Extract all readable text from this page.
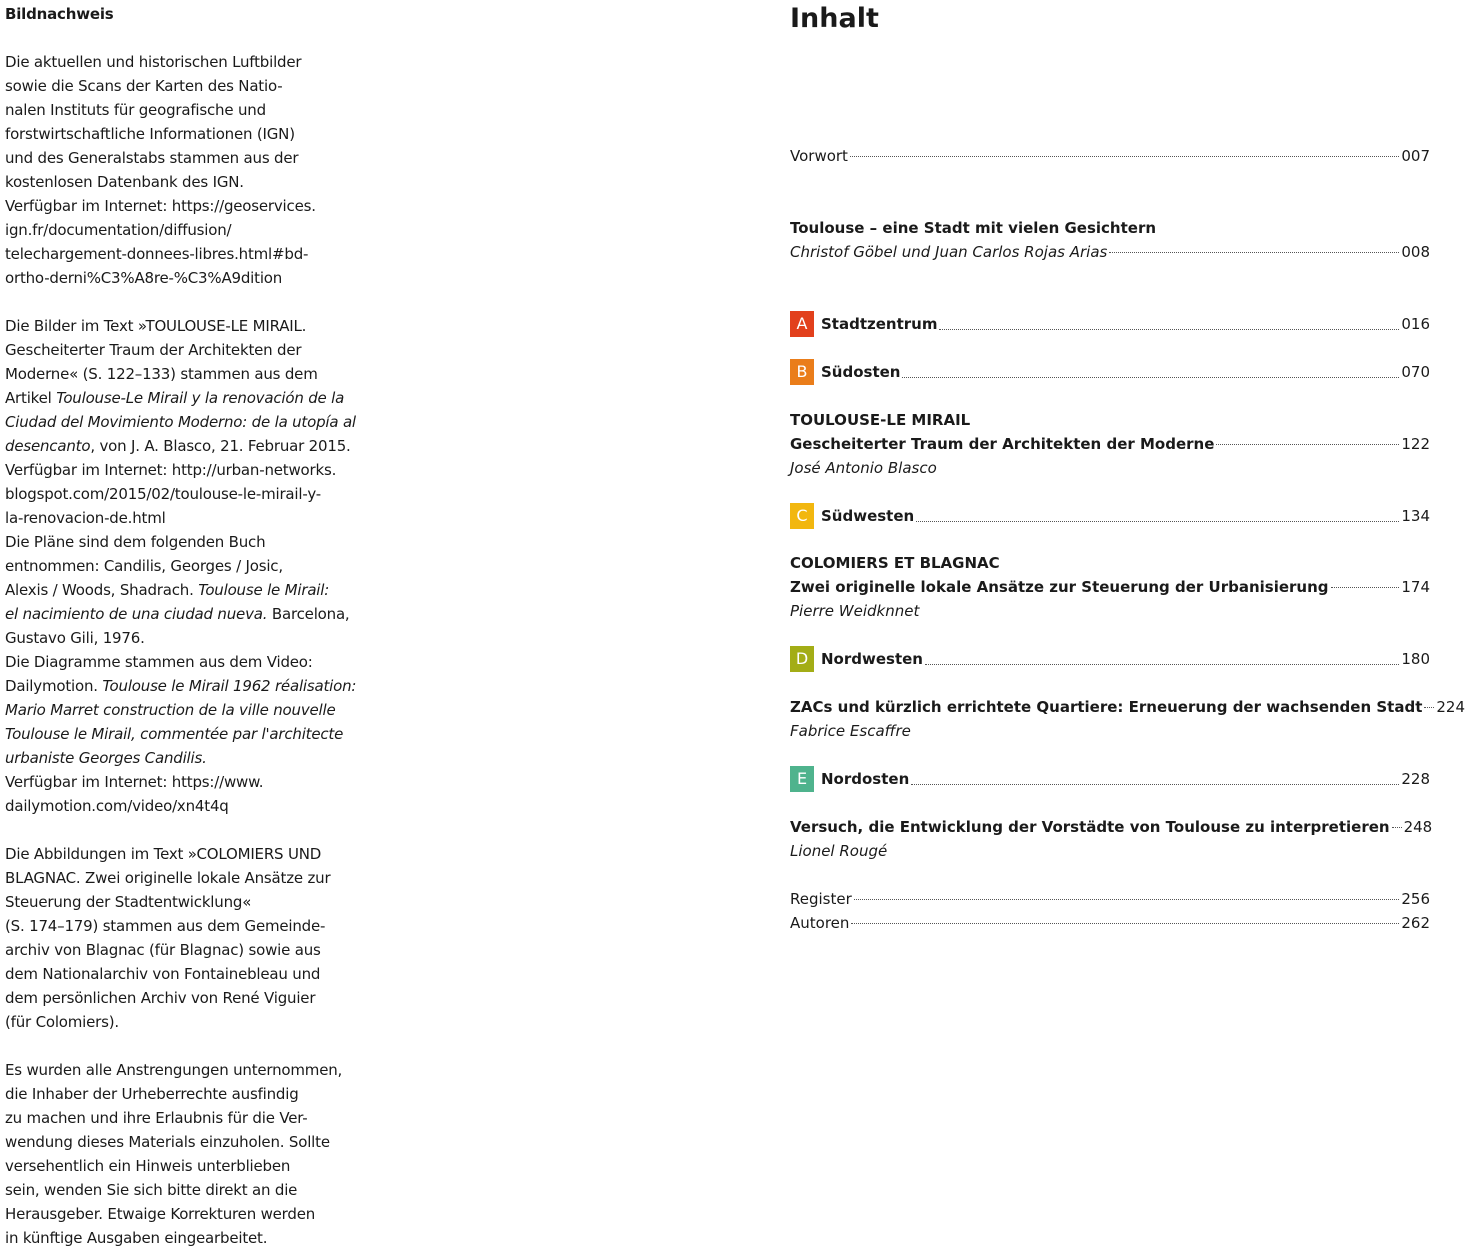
Bildnachweis
Die aktuellen und historischen Luftbilder
sowie die Scans der Karten des Natio-
nalen Instituts für geografische und
forstwirtschaftliche Informationen (IGN)
und des Generalstabs stammen aus der
kostenlosen Datenbank des IGN.
Verfügbar im Internet: https://geoservices.
ign.fr/documentation/diffusion/
telechargement-donnees-libres.html#bd-
ortho-derni%C3%A8re-%C3%A9dition
Die Bilder im Text »TOULOUSE-LE MIRAIL.
Gescheiterter Traum der Architekten der
Moderne« (S. 122–133) stammen aus dem
Artikel Toulouse-Le Mirail y la renovación de la
Ciudad del Movimiento Moderno: de la utopía al
desencanto, von J. A. Blasco, 21. Februar 2015.
Verfügbar im Internet: http://urban-networks.
blogspot.com/2015/02/toulouse-le-mirail-y-
la-renovacion-de.html
Die Pläne sind dem folgenden Buch
entnommen: Candilis, Georges / Josic,
Alexis / Woods, Shadrach. Toulouse le Mirail:
el nacimiento de una ciudad nueva. Barcelona,
Gustavo Gili, 1976.
Die Diagramme stammen aus dem Video:
Dailymotion. Toulouse le Mirail 1962 réalisation:
Mario Marret construction de la ville nouvelle
Toulouse le Mirail, commentée par l'architecte
urbaniste Georges Candilis.
Verfügbar im Internet: https://www.
dailymotion.com/video/xn4t4q
Die Abbildungen im Text »COLOMIERS UND
BLAGNAC. Zwei originelle lokale Ansätze zur
Steuerung der Stadtentwicklung«
(S. 174–179) stammen aus dem Gemeinde-
archiv von Blagnac (für Blagnac) sowie aus
dem Nationalarchiv von Fontainebleau und
dem persönlichen Archiv von René Viguier
(für Colomiers).
Es wurden alle Anstrengungen unternommen,
die Inhaber der Urheberrechte ausfindig
zu machen und ihre Erlaubnis für die Ver-
wendung dieses Materials einzuholen. Sollte
versehentlich ein Hinweis unterblieben
sein, wenden Sie sich bitte direkt an die
Herausgeber. Etwaige Korrekturen werden
in künftige Ausgaben eingearbeitet.
Inhalt
Vorwort	007
Toulouse – eine Stadt mit vielen Gesichtern
Christof Göbel und Juan Carlos Rojas Arias	008
A Stadtzentrum	016
B Südosten	070
TOULOUSE-LE MIRAIL
Gescheiterter Traum der Architekten der Moderne	122
José Antonio Blasco
C Südwesten	134
COLOMIERS ET BLAGNAC
Zwei originelle lokale Ansätze zur Steuerung der Urbanisierung	174
Pierre Weidknnet
D Nordwesten	180
ZACs und kürzlich errichtete Quartiere: Erneuerung der wachsenden Stadt 224
Fabrice Escaffre
E Nordosten	228
Versuch, die Entwicklung der Vorstädte von Toulouse zu interpretieren 248
Lionel Rougé
Register	256
Autoren	262
